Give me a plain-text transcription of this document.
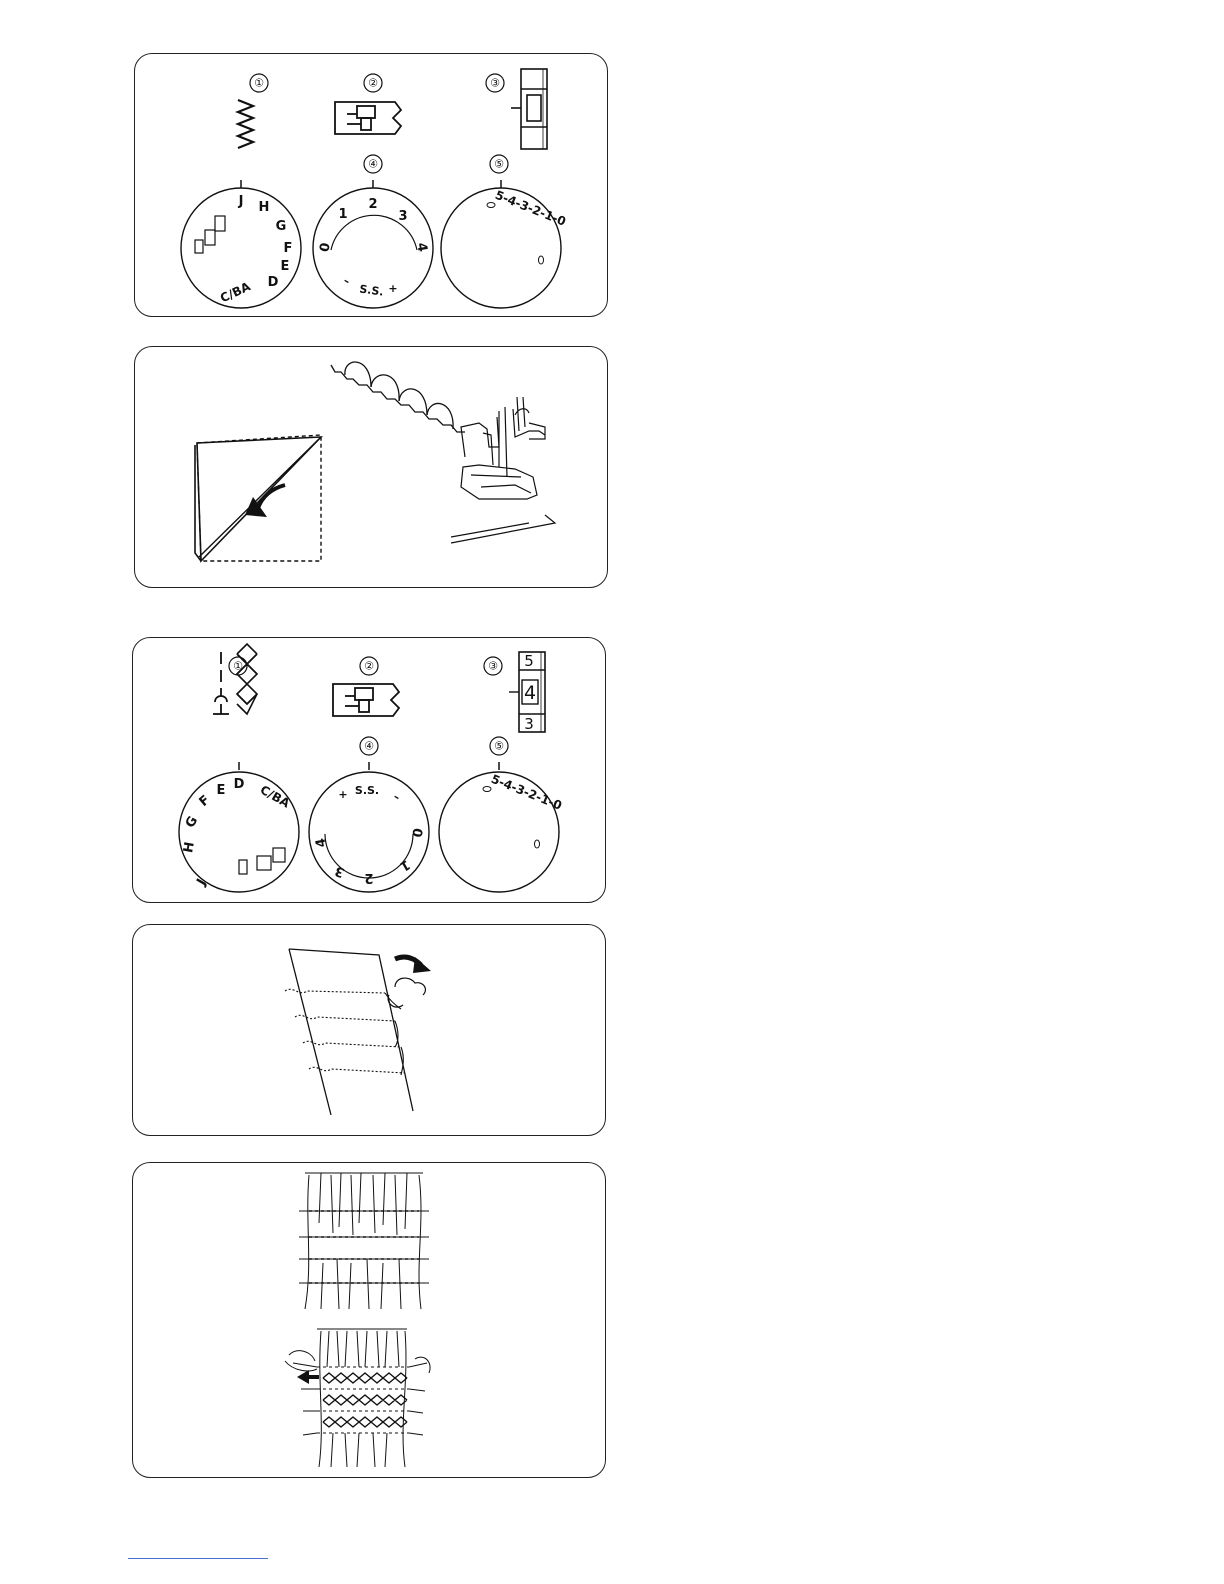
①	②	③
④	⑤
J H
G
F
E
D
C/BA
0
1
2
3
4
–
S.S. +
5-4-3-2-1-0
①	②	③
④	⑤
5
4
3
J
H
G
F
E D C/BA	+ S.S. –
0
1
2
3
4
5-4-3-2-1-0
